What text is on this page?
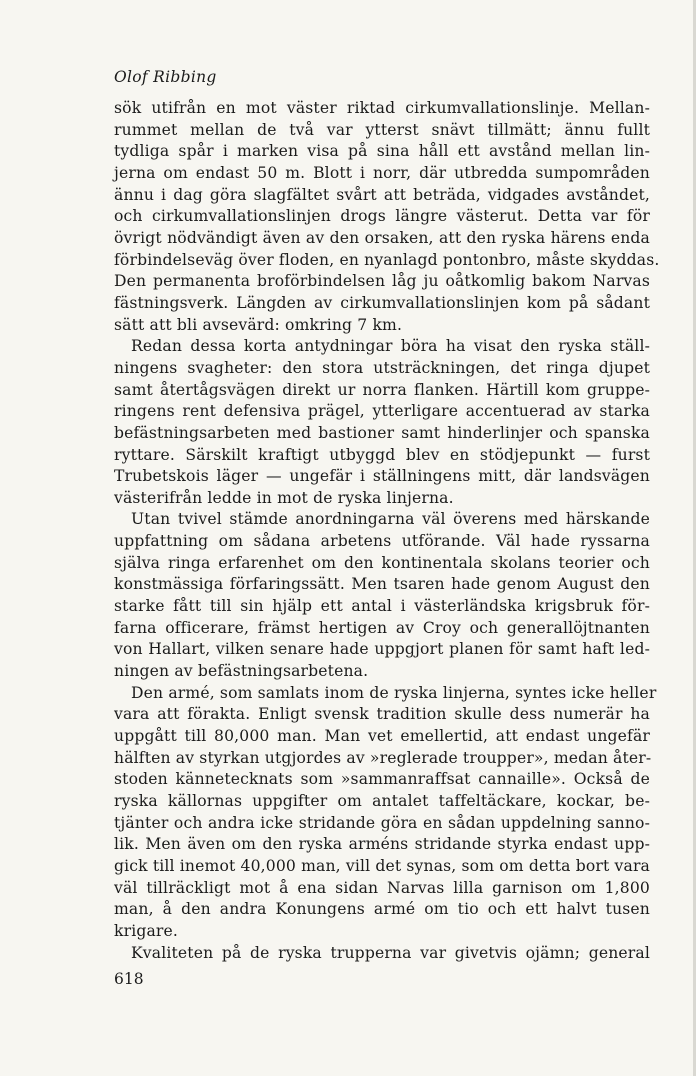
Olof Ribbing
sök utifrån en mot väster riktad cirkumvallationslinje. Mellan-
rummet mellan de två var ytterst snävt tillmätt; ännu fullt
tydliga spår i marken visa på sina håll ett avstånd mellan lin-
jerna om endast 50 m. Blott i norr, där utbredda sumpområden
ännu i dag göra slagfältet svårt att beträda, vidgades avståndet,
och cirkumvallationslinjen drogs längre västerut. Detta var för
övrigt nödvändigt även av den orsaken, att den ryska härens enda
förbindelseväg över floden, en nyanlagd pontonbro, måste skyddas.
Den permanenta broförbindelsen låg ju oåtkomlig bakom Narvas
fästningsverk. Längden av cirkumvallationslinjen kom på sådant
sätt att bli avsevärd: omkring 7 km.
Redan dessa korta antydningar böra ha visat den ryska ställ-
ningens svagheter: den stora utsträckningen, det ringa djupet
samt återtågsvägen direkt ur norra flanken. Härtill kom gruppe-
ringens rent defensiva prägel, ytterligare accentuerad av starka
befästningsarbeten med bastioner samt hinderlinjer och spanska
ryttare. Särskilt kraftigt utbyggd blev en stödjepunkt — furst
Trubetskois läger — ungefär i ställningens mitt, där landsvägen
västerifrån ledde in mot de ryska linjerna.
Utan tvivel stämde anordningarna väl överens med härskande
uppfattning om sådana arbetens utförande. Väl hade ryssarna
själva ringa erfarenhet om den kontinentala skolans teorier och
konstmässiga förfaringssätt. Men tsaren hade genom August den
starke fått till sin hjälp ett antal i västerländska krigsbruk för-
farna officerare, främst hertigen av Croy och generallöjtnanten
von Hallart, vilken senare hade uppgjort planen för samt haft led-
ningen av befästningsarbetena.
Den armé, som samlats inom de ryska linjerna, syntes icke heller
vara att förakta. Enligt svensk tradition skulle dess numerär ha
uppgått till 80,000 man. Man vet emellertid, att endast ungefär
hälften av styrkan utgjordes av »reglerade troupper», medan åter-
stoden kännetecknats som »sammanraffsat cannaille». Också de
ryska källornas uppgifter om antalet taffeltäckare, kockar, be-
tjänter och andra icke stridande göra en sådan uppdelning sanno-
lik. Men även om den ryska arméns stridande styrka endast upp-
gick till inemot 40,000 man, vill det synas, som om detta bort vara
väl tillräckligt mot å ena sidan Narvas lilla garnison om 1,800
man, å den andra Konungens armé om tio och ett halvt tusen
krigare.
Kvaliteten på de ryska trupperna var givetvis ojämn; general
618
